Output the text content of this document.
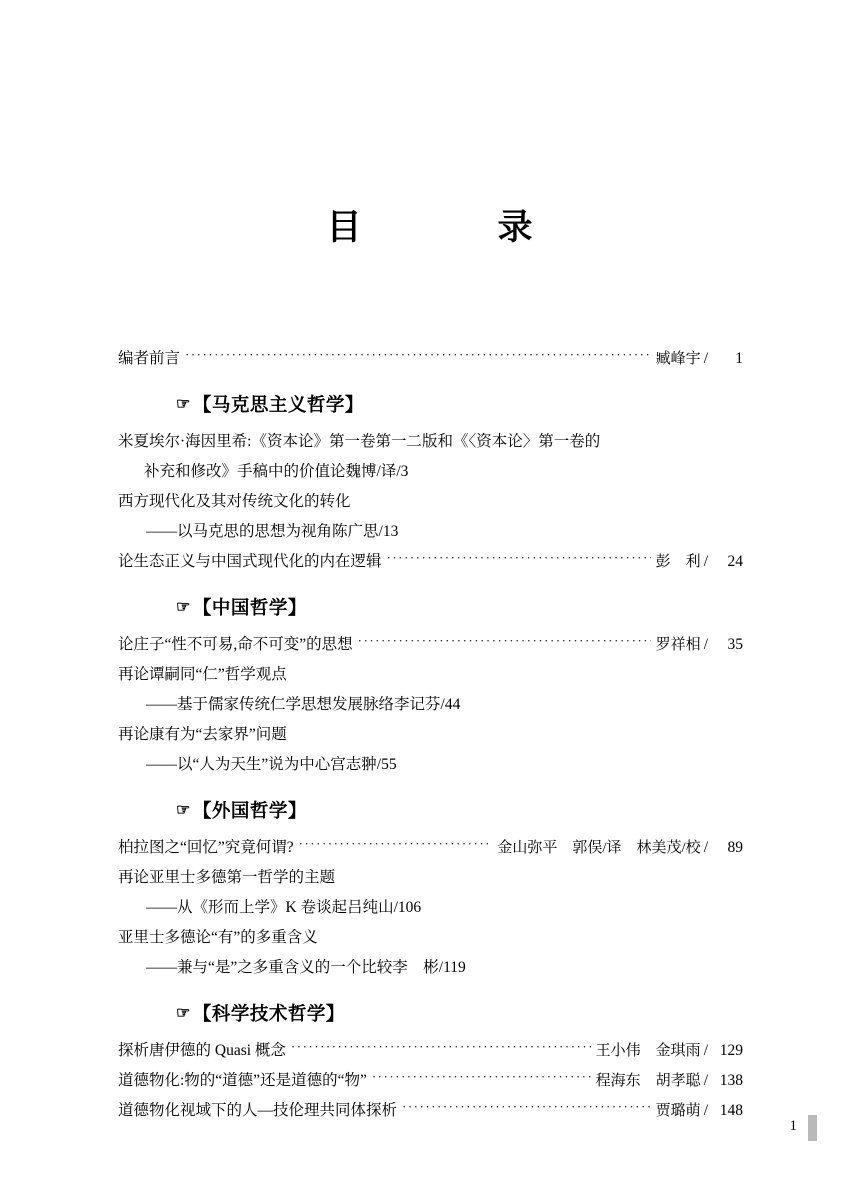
目　　录
编者前言 ·····	臧峰宇 /	1
☞ 【马克思主义哲学】
米夏埃尔·海因里希:《资本论》第一卷第一二版和《〈资本论〉第一卷的
补充和修改》手稿中的价值论 魏博/译 / 3
西方现代化及其对传统文化的转化
——以马克思的思想为视角 陈广思 / 13
论生态正义与中国式现代化的内在逻辑 ·····	彭　利 /	24
☞ 【中国哲学】
论庄子“性不可易,命不可变”的思想 ·····	罗祥相 /	35
再论谭嗣同“仁”哲学观点
——基于儒家传统仁学思想发展脉络 李记芬 / 44
再论康有为“去家界”问题
——以“人为天生”说为中心 宫志翀 / 55
☞ 【外国哲学】
柏拉图之“回忆”究竟何谓? ·····	金山弥平　郭俣/译　林美茂/校 /	89
再论亚里士多德第一哲学的主题
——从《形而上学》K 卷谈起 吕纯山 / 106
亚里士多德论“有”的多重含义
——兼与“是”之多重含义的一个比较 李　彬 / 119
☞ 【科学技术哲学】
探析唐伊德的 Quasi 概念 ·····	王小伟　金琪雨 / 129
道德物化:物的“道德”还是道德的“物” ·····	程海东　胡孝聪 / 138
道德物化视域下的人—技伦理共同体探析 ·····	贾璐萌 / 148
1
